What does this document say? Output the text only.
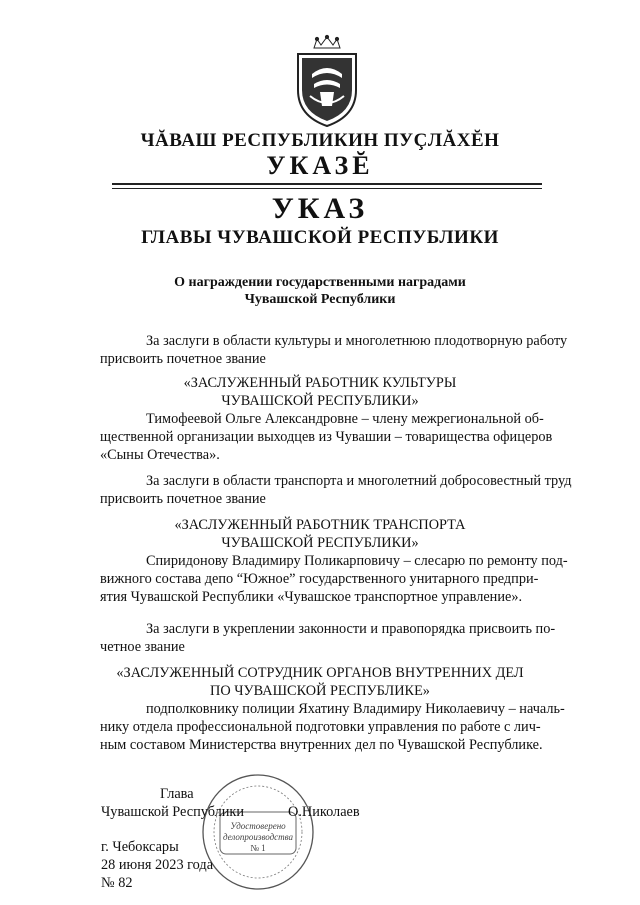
ЧĂВАШ РЕСПУБЛИКИН ПУÇЛĂХĔН
УКАЗĔ
УКАЗ
ГЛАВЫ ЧУВАШСКОЙ РЕСПУБЛИКИ
О награждении государственными наградами
Чувашской Республики
За заслуги в области культуры и многолетнюю плодотворную работу
присвоить почетное звание
«ЗАСЛУЖЕННЫЙ РАБОТНИК КУЛЬТУРЫ
ЧУВАШСКОЙ РЕСПУБЛИКИ»
Тимофеевой Ольге Александровне – члену межрегиональной об-
щественной организации выходцев из Чувашии – товарищества офицеров
«Сыны Отечества».
За заслуги в области транспорта и многолетний добросовестный труд
присвоить почетное звание
«ЗАСЛУЖЕННЫЙ РАБОТНИК ТРАНСПОРТА
ЧУВАШСКОЙ РЕСПУБЛИКИ»
Спиридонову Владимиру Поликарповичу – слесарю по ремонту под-
вижного состава депо “Южное” государственного унитарного предпри-
ятия Чувашской Республики «Чувашское транспортное управление».
За заслуги в укреплении законности и правопорядка присвоить по-
четное звание
«ЗАСЛУЖЕННЫЙ СОТРУДНИК ОРГАНОВ ВНУТРЕННИХ ДЕЛ
ПО ЧУВАШСКОЙ РЕСПУБЛИКЕ»
подполковнику полиции Яхатину Владимиру Николаевичу – началь-
нику отдела профессиональной подготовки управления по работе с лич-
ным составом Министерства внутренних дел по Чувашской Республике.
Удостоверено
делопроизводства
№ 1
Глава
Чувашской Республики	О.Николаев
г. Чебоксары
28 июня 2023 года
№ 82
